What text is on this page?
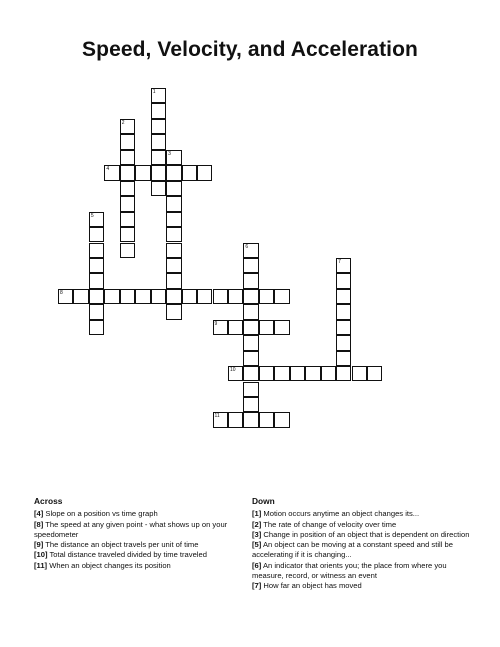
Speed, Velocity, and Acceleration
1
2
3
4
5
6
7
8
9
10
11
Across
[4] Slope on a position vs time graph
[8] The speed at any given point - what shows up on your speedometer
[9] The distance an object travels per unit of time
[10] Total distance traveled divided by time traveled
[11] When an object changes its position
Down
[1] Motion occurs anytime an object changes its...
[2] The rate of change of velocity over time
[3] Change in position of an object that is dependent on direction
[5] An object can be moving at a constant speed and still be accelerating if it is changing...
[6] An indicator that orients you; the place from where you measure, record, or witness an event
[7] How far an object has moved
